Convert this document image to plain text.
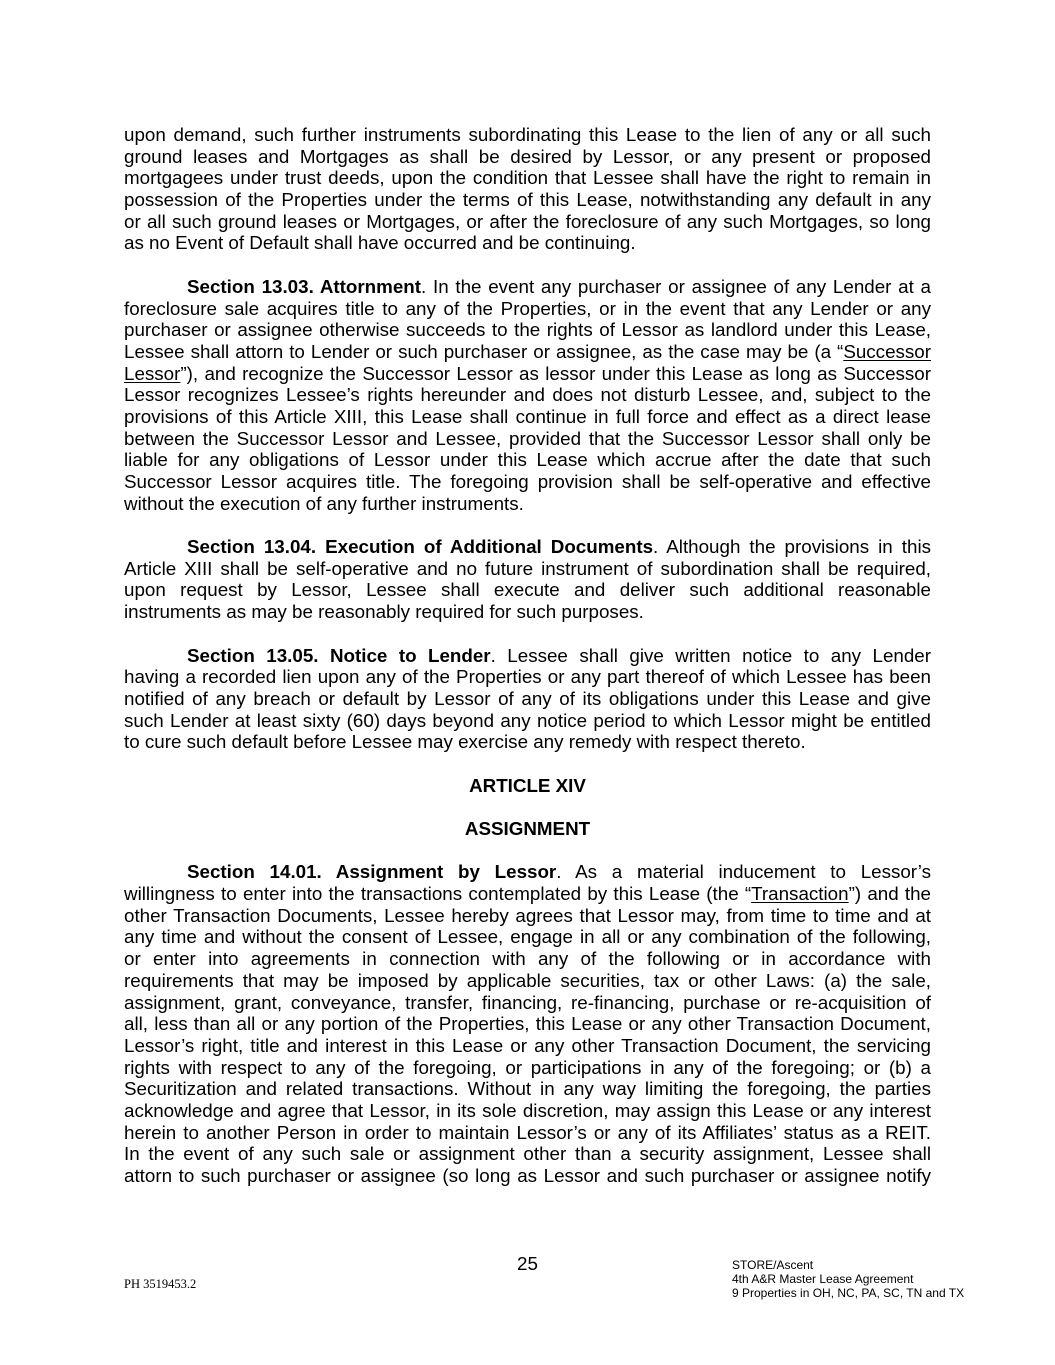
upon demand, such further instruments subordinating this Lease to the lien of any or all such
ground leases and Mortgages as shall be desired by Lessor, or any present or proposed
mortgagees under trust deeds, upon the condition that Lessee shall have the right to remain in
possession of the Properties under the terms of this Lease, notwithstanding any default in any
or all such ground leases or Mortgages, or after the foreclosure of any such Mortgages, so long
as no Event of Default shall have occurred and be continuing.
Section 13.03. Attornment. In the event any purchaser or assignee of any Lender at a
foreclosure sale acquires title to any of the Properties, or in the event that any Lender or any
purchaser or assignee otherwise succeeds to the rights of Lessor as landlord under this Lease,
Lessee shall attorn to Lender or such purchaser or assignee, as the case may be (a “Successor
Lessor”), and recognize the Successor Lessor as lessor under this Lease as long as Successor
Lessor recognizes Lessee’s rights hereunder and does not disturb Lessee, and, subject to the
provisions of this Article XIII, this Lease shall continue in full force and effect as a direct lease
between the Successor Lessor and Lessee, provided that the Successor Lessor shall only be
liable for any obligations of Lessor under this Lease which accrue after the date that such
Successor Lessor acquires title. The foregoing provision shall be self-operative and effective
without the execution of any further instruments.
Section 13.04. Execution of Additional Documents. Although the provisions in this
Article XIII shall be self-operative and no future instrument of subordination shall be required,
upon request by Lessor, Lessee shall execute and deliver such additional reasonable
instruments as may be reasonably required for such purposes.
Section 13.05. Notice to Lender. Lessee shall give written notice to any Lender
having a recorded lien upon any of the Properties or any part thereof of which Lessee has been
notified of any breach or default by Lessor of any of its obligations under this Lease and give
such Lender at least sixty (60) days beyond any notice period to which Lessor might be entitled
to cure such default before Lessee may exercise any remedy with respect thereto.
ARTICLE XIV
ASSIGNMENT
Section 14.01. Assignment by Lessor. As a material inducement to Lessor’s
willingness to enter into the transactions contemplated by this Lease (the “Transaction”) and the
other Transaction Documents, Lessee hereby agrees that Lessor may, from time to time and at
any time and without the consent of Lessee, engage in all or any combination of the following,
or enter into agreements in connection with any of the following or in accordance with
requirements that may be imposed by applicable securities, tax or other Laws: (a) the sale,
assignment, grant, conveyance, transfer, financing, re-financing, purchase or re-acquisition of
all, less than all or any portion of the Properties, this Lease or any other Transaction Document,
Lessor’s right, title and interest in this Lease or any other Transaction Document, the servicing
rights with respect to any of the foregoing, or participations in any of the foregoing; or (b) a
Securitization and related transactions. Without in any way limiting the foregoing, the parties
acknowledge and agree that Lessor, in its sole discretion, may assign this Lease or any interest
herein to another Person in order to maintain Lessor’s or any of its Affiliates’ status as a REIT.
In the event of any such sale or assignment other than a security assignment, Lessee shall
attorn to such purchaser or assignee (so long as Lessor and such purchaser or assignee notify
25
PH 3519453.2
STORE/Ascent
4th A&R Master Lease Agreement
9 Properties in OH, NC, PA, SC, TN and TX
